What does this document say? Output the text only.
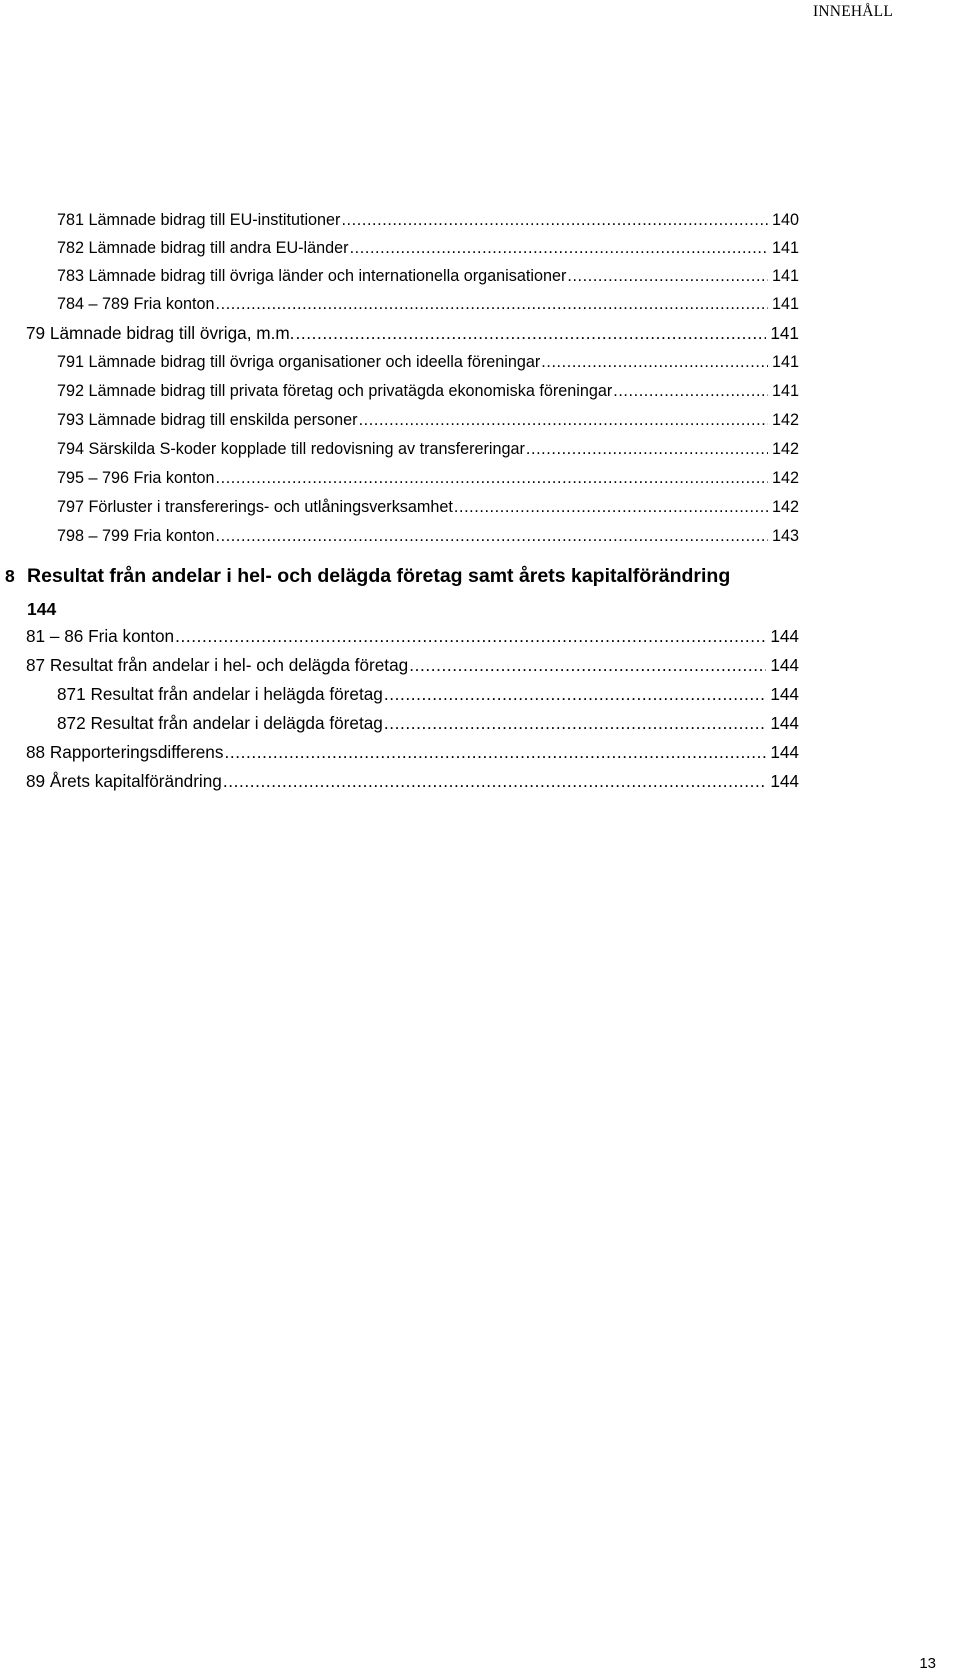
INNEHÅLL
781 Lämnade bidrag till EU-institutioner .....	140
782 Lämnade bidrag till andra EU-länder .....	141
783 Lämnade bidrag till övriga länder och internationella organisationer .....	141
784 – 789 Fria konton .....	141
79 Lämnade bidrag till övriga, m.m. .....	141
791 Lämnade bidrag till övriga organisationer och ideella föreningar .....	141
792 Lämnade bidrag till privata företag och privatägda ekonomiska föreningar .....	141
793 Lämnade bidrag till enskilda personer .....	142
794 Särskilda S-koder kopplade till redovisning av transfereringar .....	142
795 – 796 Fria konton .....	142
797 Förluster i transfererings- och utlåningsverksamhet .....	142
798 – 799 Fria konton .....	143
8 Resultat från andelar i hel- och delägda företag samt årets kapitalförändring
144
81 – 86 Fria konton .....	144
87 Resultat från andelar i hel- och delägda företag .....	144
871 Resultat från andelar i helägda företag .....	144
872 Resultat från andelar i delägda företag .....	144
88 Rapporteringsdifferens .....	144
89 Årets kapitalförändring .....	144
13
